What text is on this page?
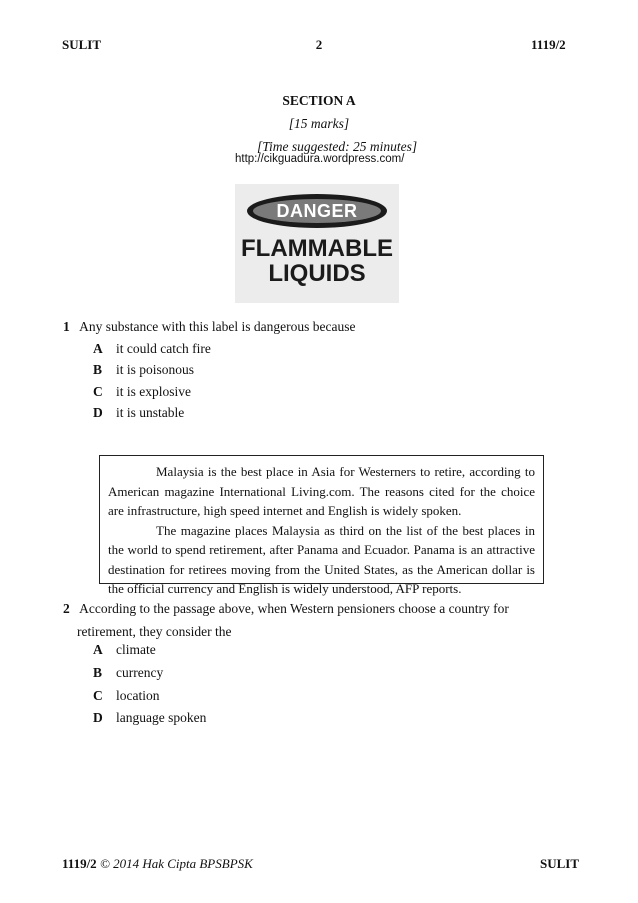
SULIT	2	1119/2
SECTION A
[15 marks]
[Time suggested: 25 minutes]
http://cikguadura.wordpress.com/
DANGER
FLAMMABLE
LIQUIDS
1 Any substance with this label is dangerous because
A it could catch fire
B it is poisonous
C it is explosive
D it is unstable

Malaysia is the best place in Asia for Westerners to retire, according to American magazine International Living.com. The reasons cited for the choice are infrastructure, high speed internet and English is widely spoken.

The magazine places Malaysia as third on the list of the best places in the world to spend retirement, after Panama and Ecuador. Panama is an attractive destination for retirees moving from the United States, as the American dollar is the official currency and English is widely understood, AFP reports.

2 According to the passage above, when Western pensioners choose a country for
retirement, they consider the
A climate
B currency
C location
D language spoken
1119/2 © 2014 Hak Cipta BPSBPSK	SULIT
